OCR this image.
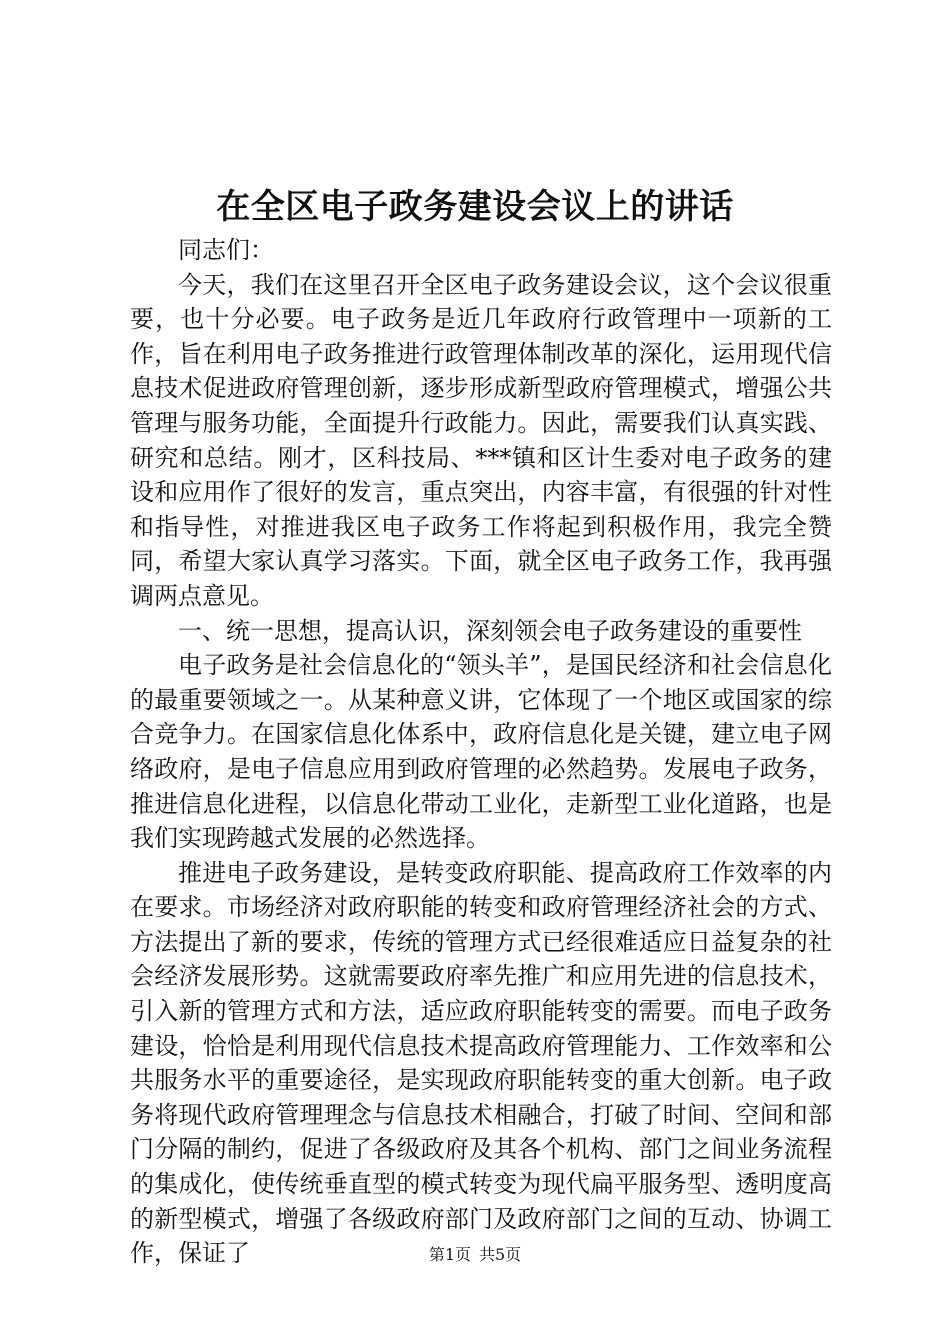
在全区电子政务建设会议上的讲话

同志们：

今天，我们在这里召开全区电子政务建设会议，这个会议很重要，也十分必要。电子政务是近几年政府行政管理中一项新的工作，旨在利用电子政务推进行政管理体制改革的深化，运用现代信息技术促进政府管理创新，逐步形成新型政府管理模式，增强公共管理与服务功能，全面提升行政能力。因此，需要我们认真实践、研究和总结。刚才，区科技局、***镇和区计生委对电子政务的建设和应用作了很好的发言，重点突出，内容丰富，有很强的针对性和指导性，对推进我区电子政务工作将起到积极作用，我完全赞同，希望大家认真学习落实。下面，就全区电子政务工作，我再强调两点意见。

一、统一思想，提高认识，深刻领会电子政务建设的重要性

电子政务是社会信息化的“领头羊”，是国民经济和社会信息化的最重要领域之一。从某种意义讲，它体现了一个地区或国家的综合竞争力。在国家信息化体系中，政府信息化是关键，建立电子网络政府，是电子信息应用到政府管理的必然趋势。发展电子政务，推进信息化进程，以信息化带动工业化，走新型工业化道路，也是我们实现跨越式发展的必然选择。

推进电子政务建设，是转变政府职能、提高政府工作效率的内在要求。市场经济对政府职能的转变和政府管理经济社会的方式、方法提出了新的要求，传统的管理方式已经很难适应日益复杂的社会经济发展形势。这就需要政府率先推广和应用先进的信息技术，引入新的管理方式和方法，适应政府职能转变的需要。而电子政务建设，恰恰是利用现代信息技术提高政府管理能力、工作效率和公共服务水平的重要途径，是实现政府职能转变的重大创新。电子政务将现代政府管理理念与信息技术相融合，打破了时间、空间和部门分隔的制约，促进了各级政府及其各个机构、部门之间业务流程的集成化，使传统垂直型的模式转变为现代扁平服务型、透明度高的新型模式，增强了各级政府部门及政府部门之间的互动、协调工作，保证了	第1页 共5页
